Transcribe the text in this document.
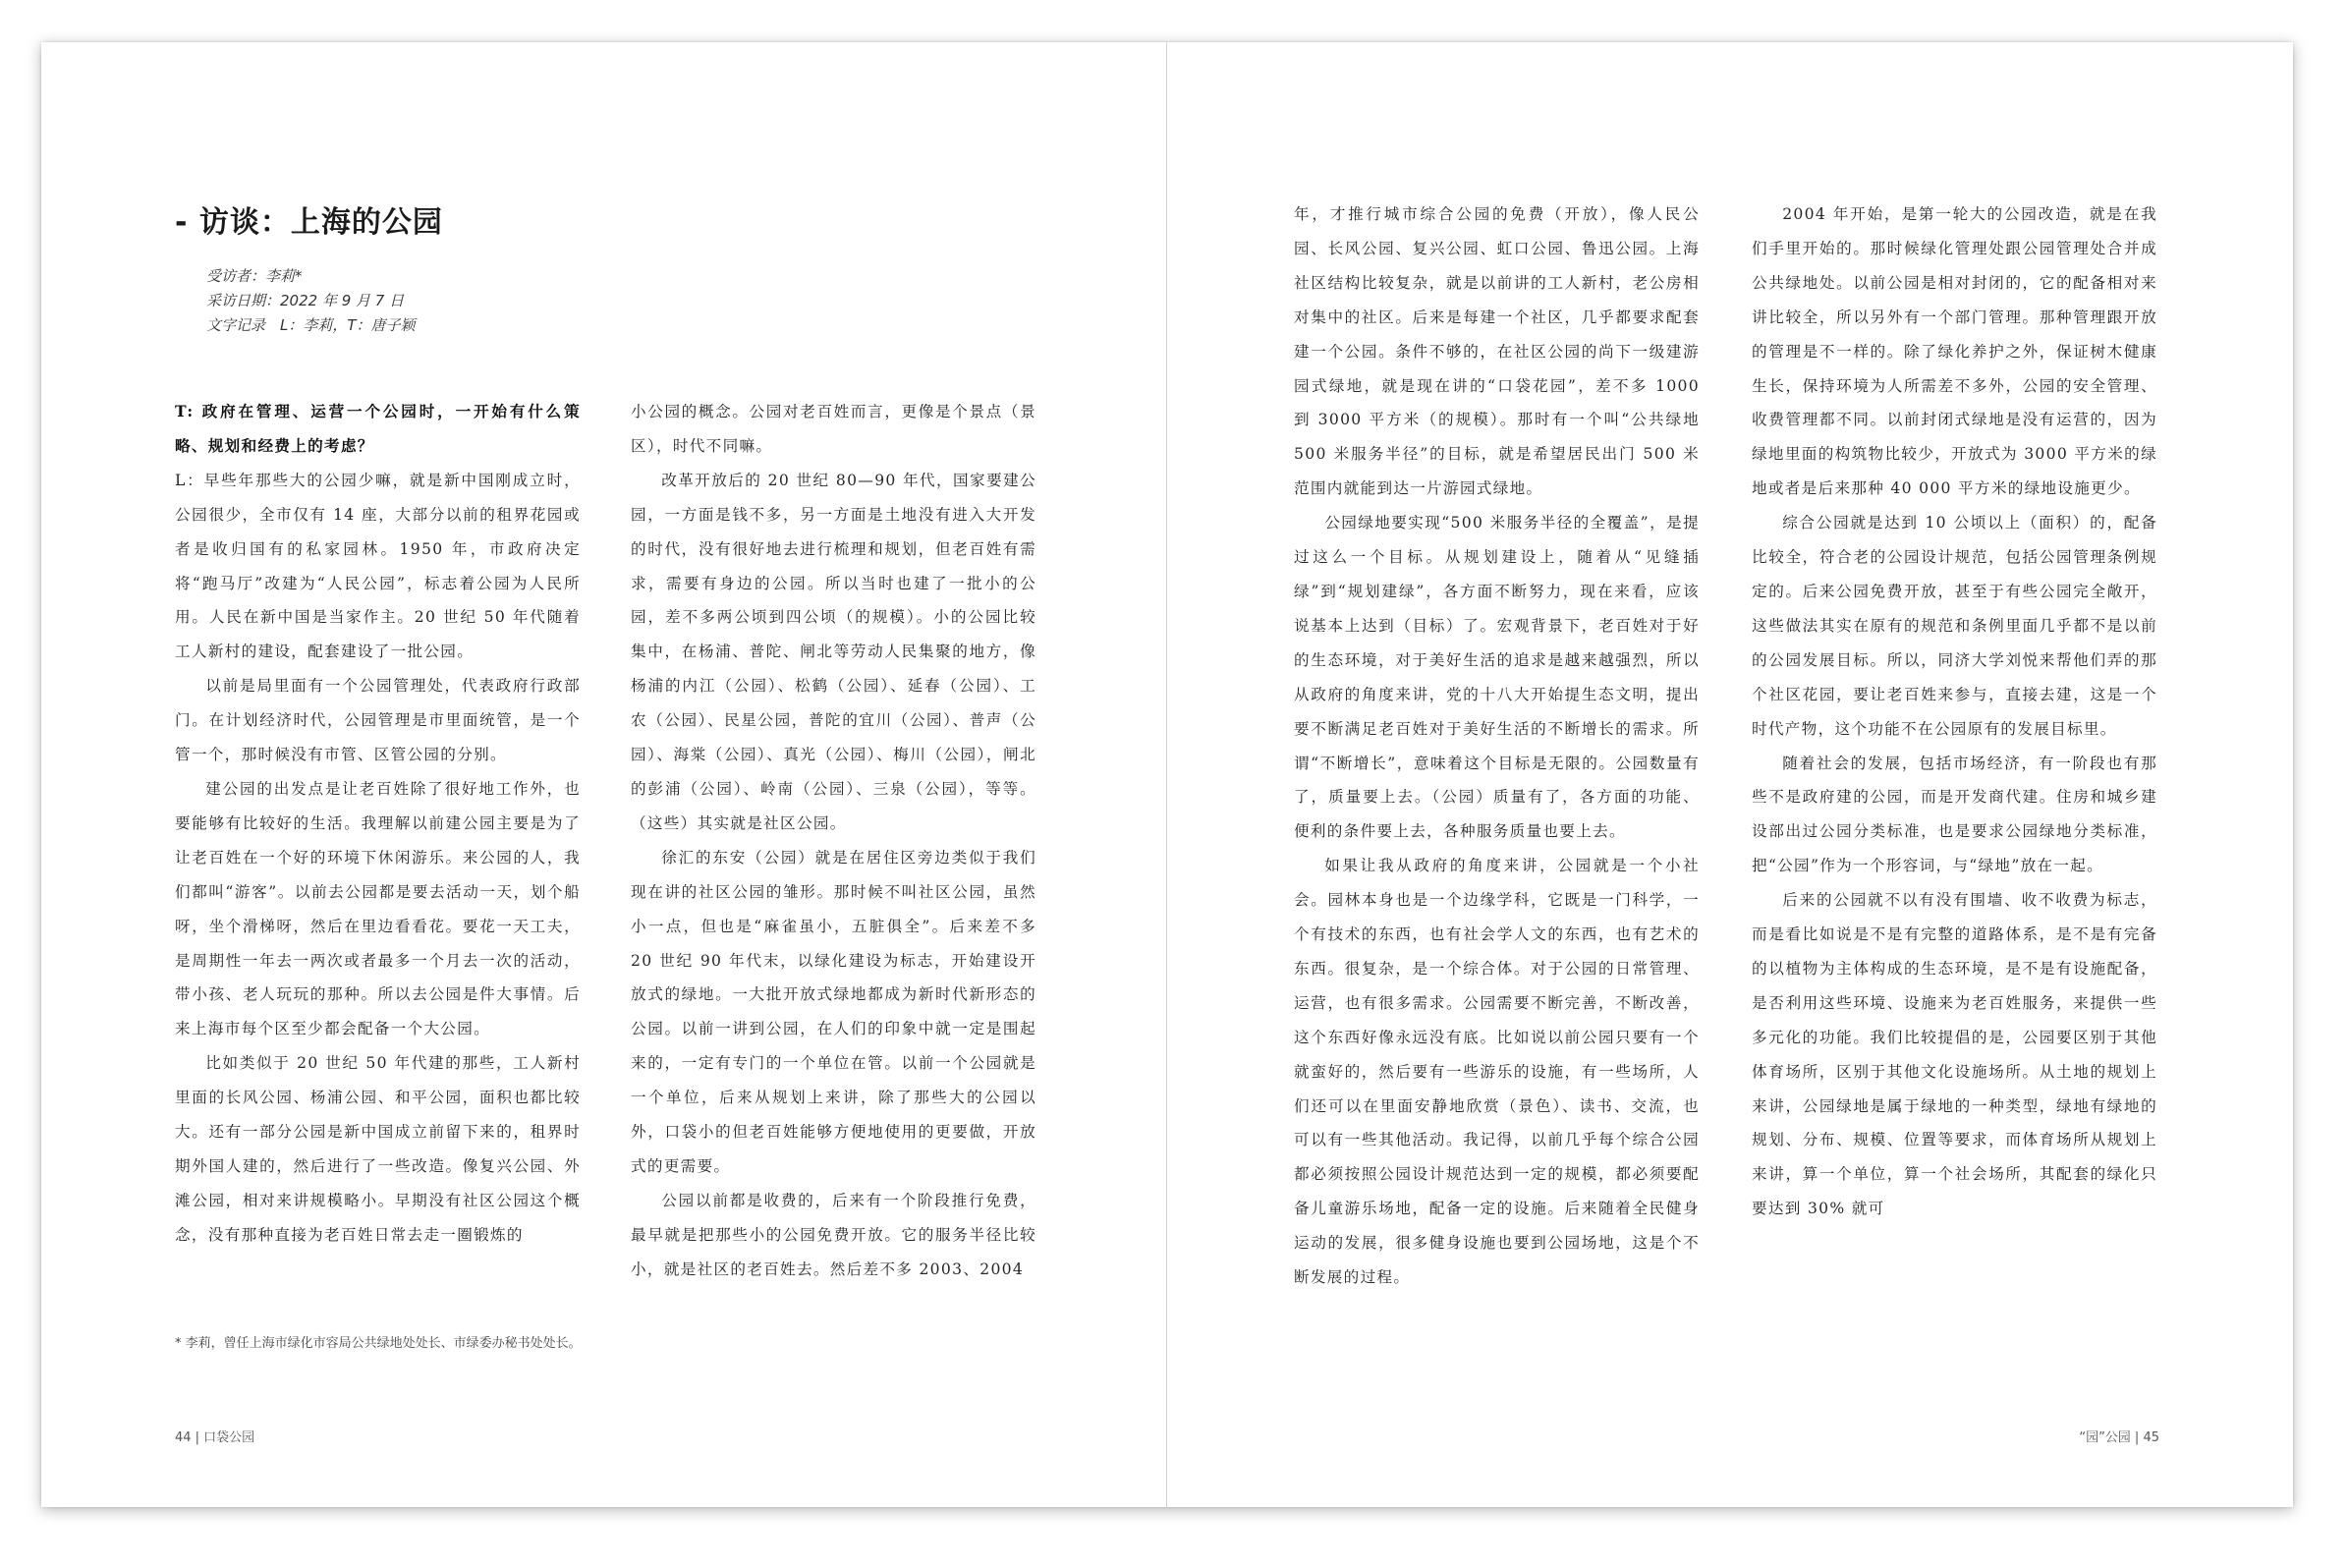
- 访谈：上海的公园
受访者：李莉*
采访日期：2022 年 9 月 7 日
文字记录　L：李莉，T：唐子颖

T: 政府在管理、运营一个公园时，一开始有什么策略、规划和经费上的考虑？

L：早些年那些大的公园少嘛，就是新中国刚成立时，公园很少，全市仅有 14 座，大部分以前的租界花园或者是收归国有的私家园林。1950 年，市政府决定将“跑马厅”改建为“人民公园”，标志着公园为人民所用。人民在新中国是当家作主。20 世纪 50 年代随着工人新村的建设，配套建设了一批公园。

以前是局里面有一个公园管理处，代表政府行政部门。在计划经济时代，公园管理是市里面统管，是一个管一个，那时候没有市管、区管公园的分别。

建公园的出发点是让老百姓除了很好地工作外，也要能够有比较好的生活。我理解以前建公园主要是为了让老百姓在一个好的环境下休闲游乐。来公园的人，我们都叫“游客”。以前去公园都是要去活动一天，划个船呀，坐个滑梯呀，然后在里边看看花。要花一天工夫，是周期性一年去一两次或者最多一个月去一次的活动，带小孩、老人玩玩的那种。所以去公园是件大事情。后来上海市每个区至少都会配备一个大公园。

比如类似于 20 世纪 50 年代建的那些，工人新村里面的长风公园、杨浦公园、和平公园，面积也都比较大。还有一部分公园是新中国成立前留下来的，租界时期外国人建的，然后进行了一些改造。像复兴公园、外滩公园，相对来讲规模略小。早期没有社区公园这个概念，没有那种直接为老百姓日常去走一圈锻炼的

小公园的概念。公园对老百姓而言，更像是个景点（景区），时代不同嘛。

改革开放后的 20 世纪 80—90 年代，国家要建公园，一方面是钱不多，另一方面是土地没有进入大开发的时代，没有很好地去进行梳理和规划，但老百姓有需求，需要有身边的公园。所以当时也建了一批小的公园，差不多两公顷到四公顷（的规模）。小的公园比较集中，在杨浦、普陀、闸北等劳动人民集聚的地方，像杨浦的内江（公园）、松鹤（公园）、延春（公园）、工农（公园）、民星公园，普陀的宜川（公园）、普声（公园）、海棠（公园）、真光（公园）、梅川（公园），闸北的彭浦（公园）、岭南（公园）、三泉（公园），等等。（这些）其实就是社区公园。

徐汇的东安（公园）就是在居住区旁边类似于我们现在讲的社区公园的雏形。那时候不叫社区公园，虽然小一点，但也是“麻雀虽小，五脏俱全”。后来差不多 20 世纪 90 年代末，以绿化建设为标志，开始建设开放式的绿地。一大批开放式绿地都成为新时代新形态的公园。以前一讲到公园，在人们的印象中就一定是围起来的，一定有专门的一个单位在管。以前一个公园就是一个单位，后来从规划上来讲，除了那些大的公园以外，口袋小的但老百姓能够方便地使用的更要做，开放式的更需要。

公园以前都是收费的，后来有一个阶段推行免费，最早就是把那些小的公园免费开放。它的服务半径比较小，就是社区的老百姓去。然后差不多 2003、2004

* 李莉，曾任上海市绿化市容局公共绿地处处长、市绿委办秘书处处长。
44 | 口袋公园

年，才推行城市综合公园的免费（开放），像人民公园、长风公园、复兴公园、虹口公园、鲁迅公园。上海社区结构比较复杂，就是以前讲的工人新村，老公房相对集中的社区。后来是每建一个社区，几乎都要求配套建一个公园。条件不够的，在社区公园的尚下一级建游园式绿地，就是现在讲的“口袋花园”，差不多 1000 到 3000 平方米（的规模）。那时有一个叫“公共绿地 500 米服务半径”的目标，就是希望居民出门 500 米范围内就能到达一片游园式绿地。

公园绿地要实现“500 米服务半径的全覆盖”，是提过这么一个目标。从规划建设上，随着从“见缝插绿”到“规划建绿”，各方面不断努力，现在来看，应该说基本上达到（目标）了。宏观背景下，老百姓对于好的生态环境，对于美好生活的追求是越来越强烈，所以从政府的角度来讲，党的十八大开始提生态文明，提出要不断满足老百姓对于美好生活的不断增长的需求。所谓“不断增长”，意味着这个目标是无限的。公园数量有了，质量要上去。（公园）质量有了，各方面的功能、便利的条件要上去，各种服务质量也要上去。

如果让我从政府的角度来讲，公园就是一个小社会。园林本身也是一个边缘学科，它既是一门科学，一个有技术的东西，也有社会学人文的东西，也有艺术的东西。很复杂，是一个综合体。对于公园的日常管理、运营，也有很多需求。公园需要不断完善，不断改善，这个东西好像永远没有底。比如说以前公园只要有一个就蛮好的，然后要有一些游乐的设施，有一些场所，人们还可以在里面安静地欣赏（景色）、读书、交流，也可以有一些其他活动。我记得，以前几乎每个综合公园都必须按照公园设计规范达到一定的规模，都必须要配备儿童游乐场地，配备一定的设施。后来随着全民健身运动的发展，很多健身设施也要到公园场地，这是个不断发展的过程。

2004 年开始，是第一轮大的公园改造，就是在我们手里开始的。那时候绿化管理处跟公园管理处合并成公共绿地处。以前公园是相对封闭的，它的配备相对来讲比较全，所以另外有一个部门管理。那种管理跟开放的管理是不一样的。除了绿化养护之外，保证树木健康生长，保持环境为人所需差不多外，公园的安全管理、收费管理都不同。以前封闭式绿地是没有运营的，因为绿地里面的构筑物比较少，开放式为 3000 平方米的绿地或者是后来那种 40 000 平方米的绿地设施更少。

综合公园就是达到 10 公顷以上（面积）的，配备比较全，符合老的公园设计规范，包括公园管理条例规定的。后来公园免费开放，甚至于有些公园完全敞开，这些做法其实在原有的规范和条例里面几乎都不是以前的公园发展目标。所以，同济大学刘悦来帮他们弄的那个社区花园，要让老百姓来参与，直接去建，这是一个时代产物，这个功能不在公园原有的发展目标里。

随着社会的发展，包括市场经济，有一阶段也有那些不是政府建的公园，而是开发商代建。住房和城乡建设部出过公园分类标准，也是要求公园绿地分类标准，把“公园”作为一个形容词，与“绿地”放在一起。

后来的公园就不以有没有围墙、收不收费为标志，而是看比如说是不是有完整的道路体系，是不是有完备的以植物为主体构成的生态环境，是不是有设施配备，是否利用这些环境、设施来为老百姓服务，来提供一些多元化的功能。我们比较提倡的是，公园要区别于其他体育场所，区别于其他文化设施场所。从土地的规划上来讲，公园绿地是属于绿地的一种类型，绿地有绿地的规划、分布、规模、位置等要求，而体育场所从规划上来讲，算一个单位，算一个社会场所，其配套的绿化只要达到 30% 就可

“园”公园 | 45
